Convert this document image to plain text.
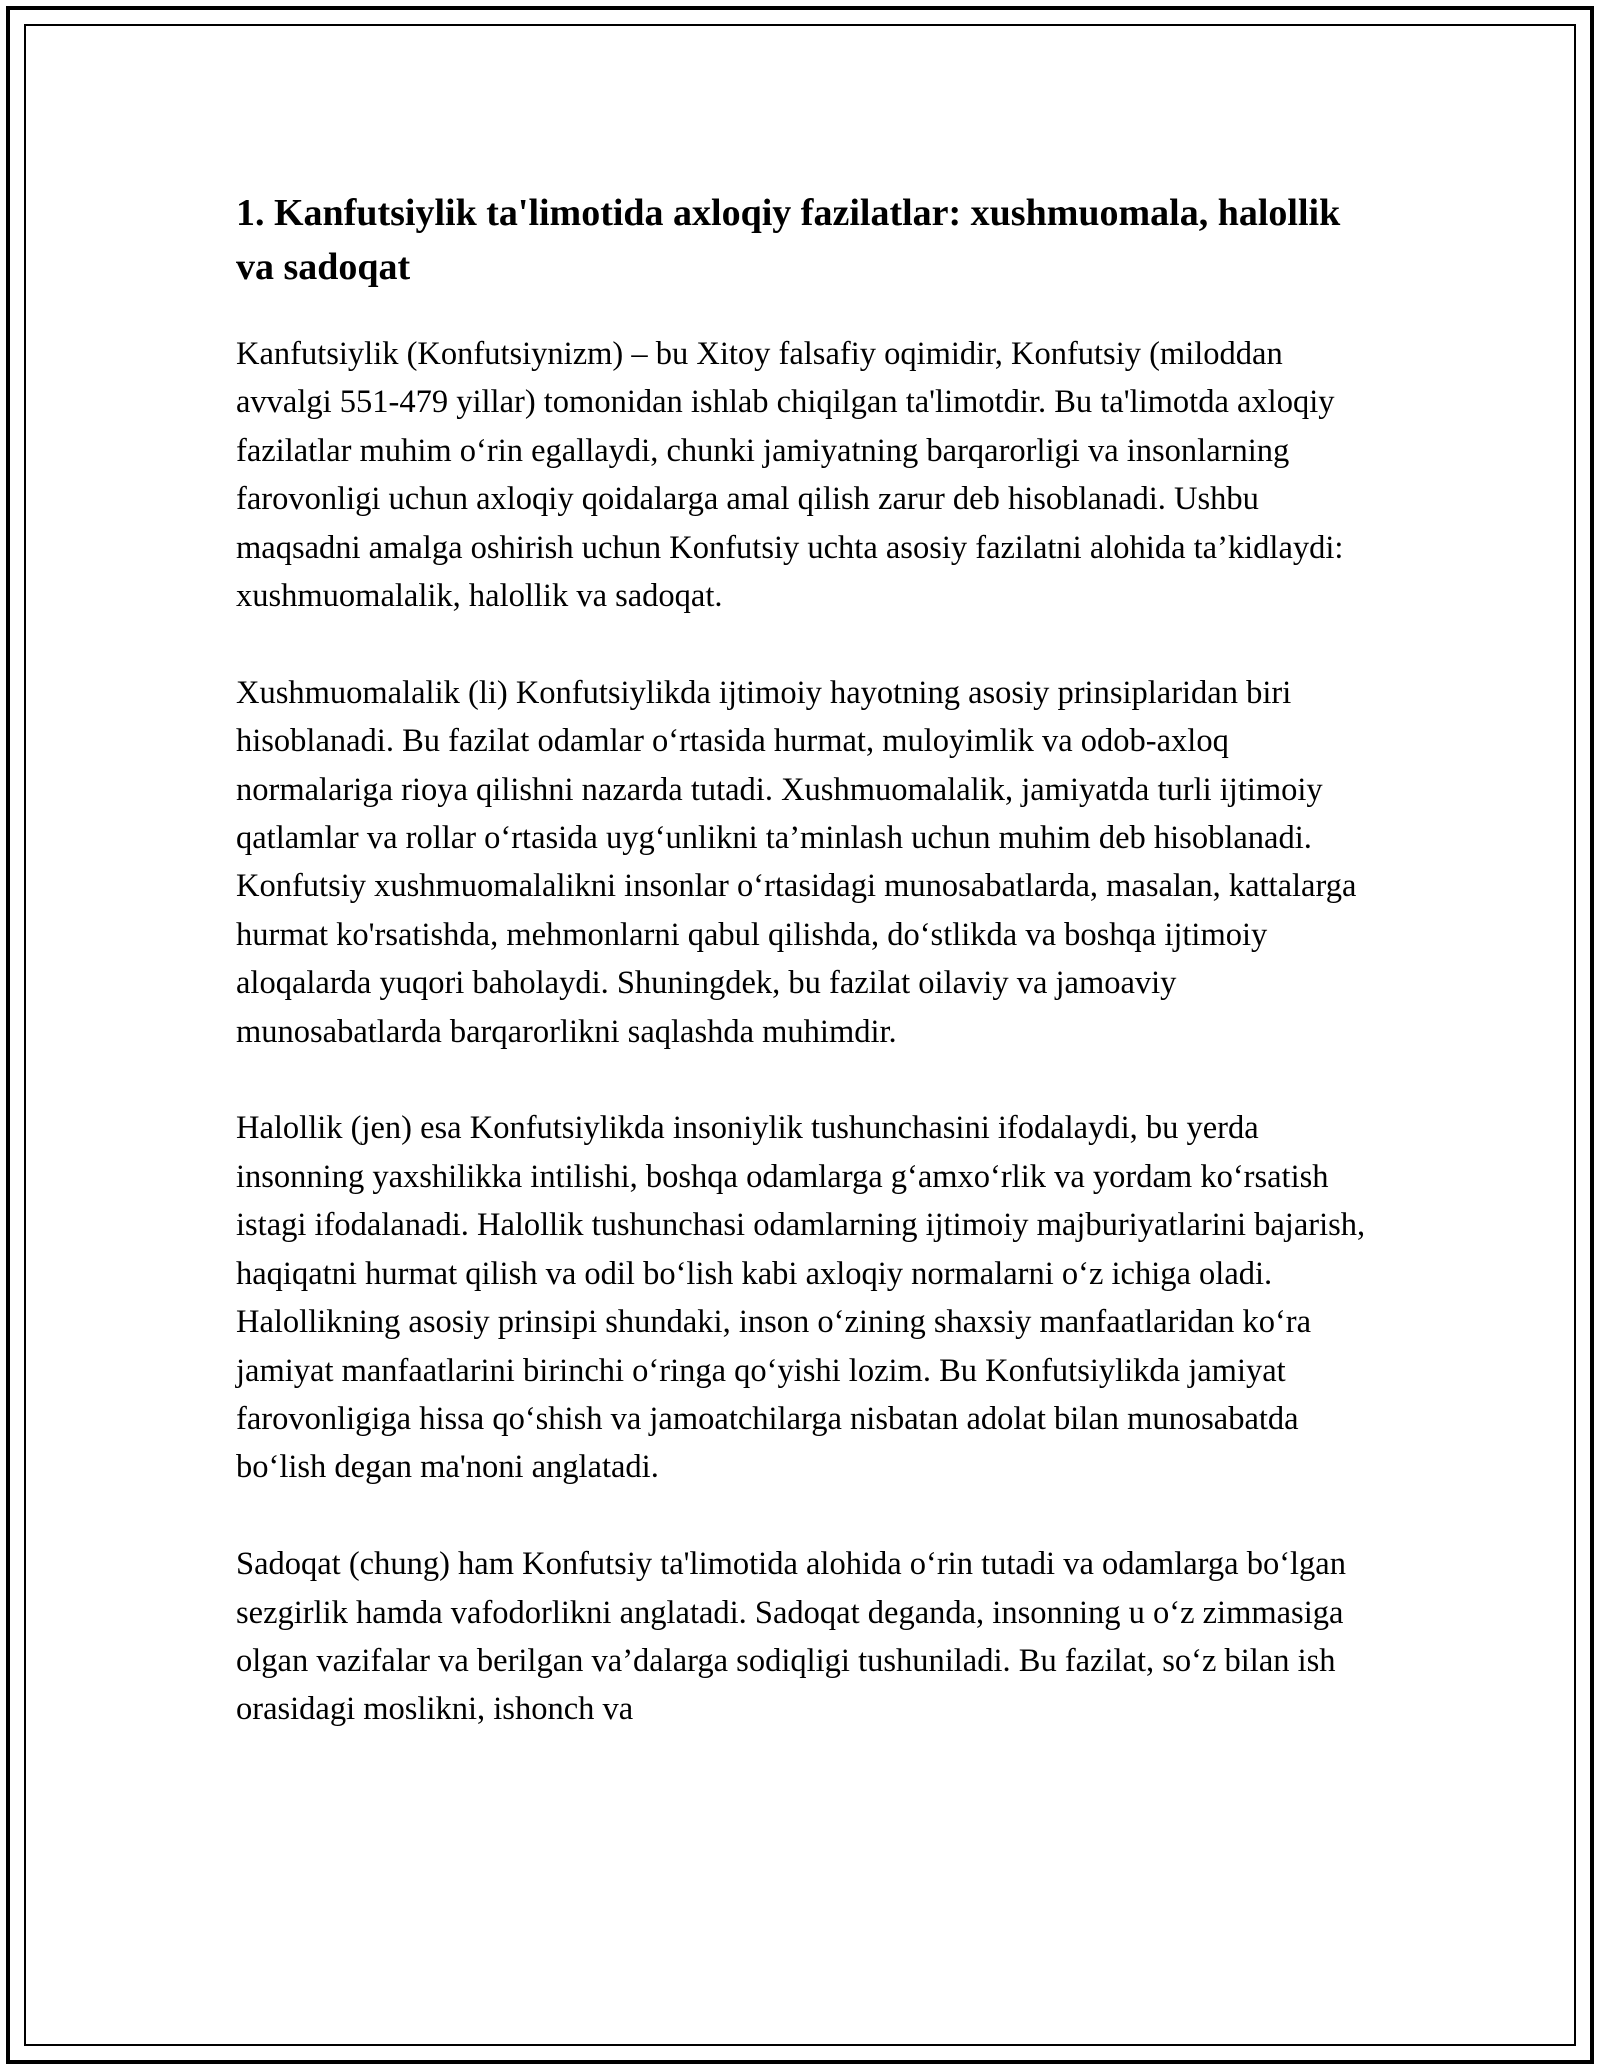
1. Kanfutsiylik ta'limotida axloqiy fazilatlar: xushmuomala, halollik va sadoqat

Kanfutsiylik (Konfutsiynizm) – bu Xitoy falsafiy oqimidir, Konfutsiy (miloddan avvalgi 551-479 yillar) tomonidan ishlab chiqilgan ta'limotdir. Bu ta'limotda axloqiy fazilatlar muhim o‘rin egallaydi, chunki jamiyatning barqarorligi va insonlarning farovonligi uchun axloqiy qoidalarga amal qilish zarur deb hisoblanadi. Ushbu maqsadni amalga oshirish uchun Konfutsiy uchta asosiy fazilatni alohida ta’kidlaydi: xushmuomalalik, halollik va sadoqat.

Xushmuomalalik (li) Konfutsiylikda ijtimoiy hayotning asosiy prinsiplaridan biri hisoblanadi. Bu fazilat odamlar o‘rtasida hurmat, muloyimlik va odob-axloq normalariga rioya qilishni nazarda tutadi. Xushmuomalalik, jamiyatda turli ijtimoiy qatlamlar va rollar o‘rtasida uyg‘unlikni ta’minlash uchun muhim deb hisoblanadi. Konfutsiy xushmuomalalikni insonlar o‘rtasidagi munosabatlarda, masalan, kattalarga hurmat ko'rsatishda, mehmonlarni qabul qilishda, do‘stlikda va boshqa ijtimoiy aloqalarda yuqori baholaydi. Shuningdek, bu fazilat oilaviy va jamoaviy munosabatlarda barqarorlikni saqlashda muhimdir.

Halollik (jen) esa Konfutsiylikda insoniylik tushunchasini ifodalaydi, bu yerda insonning yaxshilikka intilishi, boshqa odamlarga g‘amxo‘rlik va yordam ko‘rsatish istagi ifodalanadi. Halollik tushunchasi odamlarning ijtimoiy majburiyatlarini bajarish, haqiqatni hurmat qilish va odil bo‘lish kabi axloqiy normalarni o‘z ichiga oladi. Halollikning asosiy prinsipi shundaki, inson o‘zining shaxsiy manfaatlaridan ko‘ra jamiyat manfaatlarini birinchi o‘ringa qo‘yishi lozim. Bu Konfutsiylikda jamiyat farovonligiga hissa qo‘shish va jamoatchilarga nisbatan adolat bilan munosabatda bo‘lish degan ma'noni anglatadi.

Sadoqat (chung) ham Konfutsiy ta'limotida alohida o‘rin tutadi va odamlarga bo‘lgan sezgirlik hamda vafodorlikni anglatadi. Sadoqat deganda, insonning u o‘z zimmasiga olgan vazifalar va berilgan va’dalarga sodiqligi tushuniladi. Bu fazilat, so‘z bilan ish orasidagi moslikni, ishonch va
